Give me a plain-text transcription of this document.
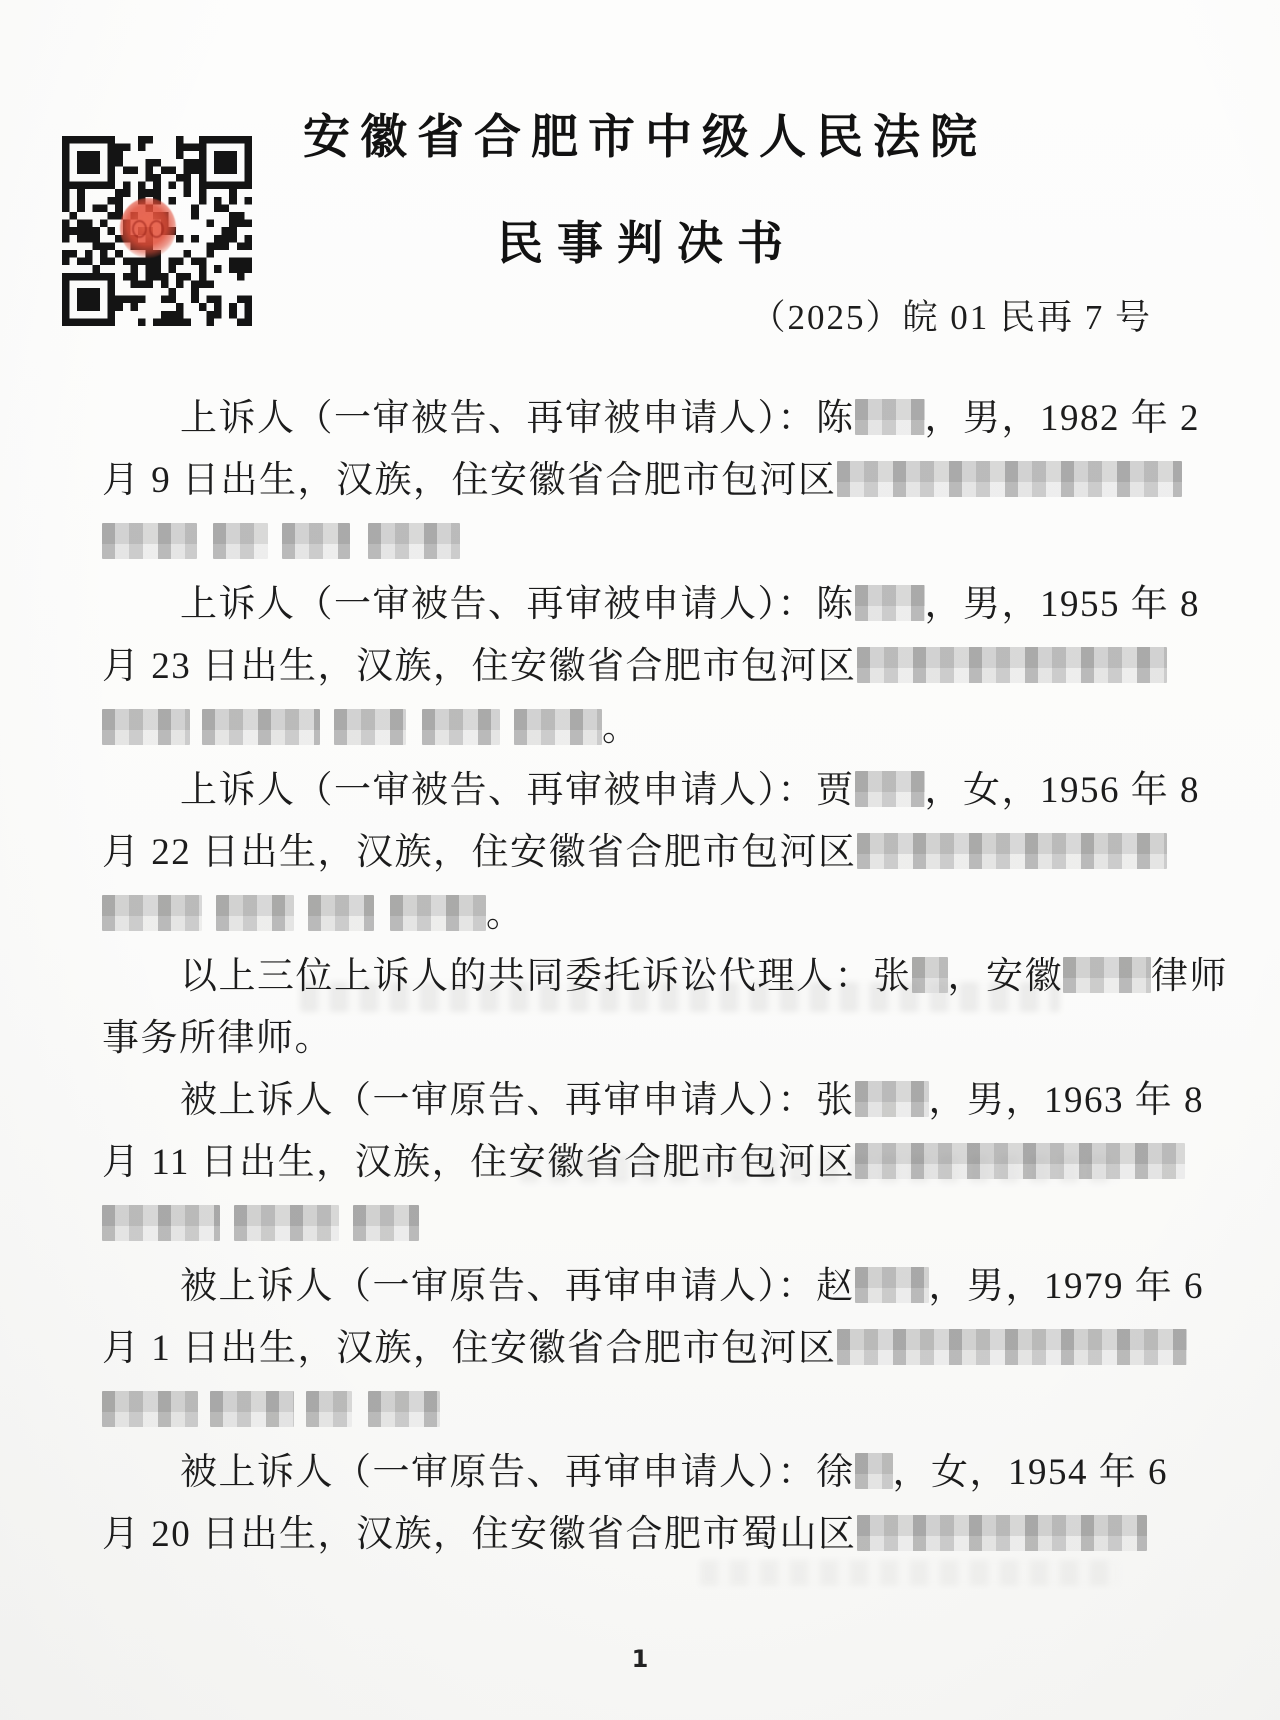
安徽省合肥市中级人民法院
民事判决书
（2025）皖 01 民再 7 号
上诉人（一审被告、再审被申请人）：陈 ，男，1982 年 2
月 9 日出生，汉族，住安徽省合肥市包河区
上诉人（一审被告、再审被申请人）：陈 ，男，1955 年 8
月 23 日出生，汉族，住安徽省合肥市包河区
。
上诉人（一审被告、再审被申请人）：贾 ，女，1956 年 8
月 22 日出生，汉族，住安徽省合肥市包河区
。
以上三位上诉人的共同委托诉讼代理人：张 ，安徽 律师
事务所律师。
被上诉人（一审原告、再审申请人）：张 ，男，1963 年 8
月 11 日出生，汉族，住安徽省合肥市包河区
被上诉人（一审原告、再审申请人）：赵 ，男，1979 年 6
月 1 日出生，汉族，住安徽省合肥市包河区
被上诉人（一审原告、再审申请人）：徐 ，女，1954 年 6
月 20 日出生，汉族，住安徽省合肥市蜀山区
1
